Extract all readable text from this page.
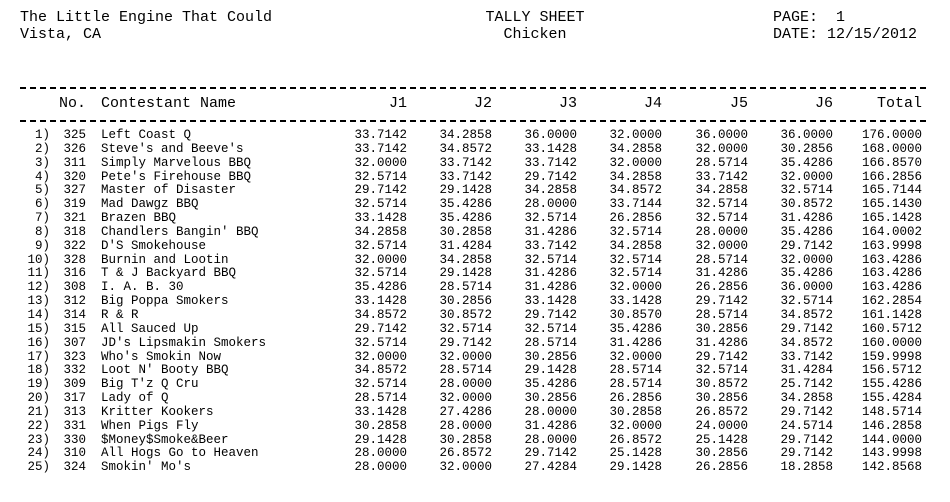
The Little Engine That Could
Vista, CA
TALLY SHEET
Chicken
PAGE: 1
DATE: 12/15/2012
No. Contestant Name	J1	J2	J3	J4	J5	J6	Total
1)	325 Left Coast Q	33.7142	34.2858	36.0000	32.0000	36.0000	36.0000	176.0000
2)	326 Steve's and Beeve's	33.7142	34.8572	33.1428	34.2858	32.0000	30.2856	168.0000
3)	311 Simply Marvelous BBQ	32.0000	33.7142	33.7142	32.0000	28.5714	35.4286	166.8570
4)	320 Pete's Firehouse BBQ	32.5714	33.7142	29.7142	34.2858	33.7142	32.0000	166.2856
5)	327 Master of Disaster	29.7142	29.1428	34.2858	34.8572	34.2858	32.5714	165.7144
6)	319 Mad Dawgz BBQ	32.5714	35.4286	28.0000	33.7144	32.5714	30.8572	165.1430
7)	321 Brazen BBQ	33.1428	35.4286	32.5714	26.2856	32.5714	31.4286	165.1428
8)	318 Chandlers Bangin' BBQ	34.2858	30.2858	31.4286	32.5714	28.0000	35.4286	164.0002
9)	322 D'S Smokehouse	32.5714	31.4284	33.7142	34.2858	32.0000	29.7142	163.9998
10)	328 Burnin and Lootin	32.0000	34.2858	32.5714	32.5714	28.5714	32.0000	163.4286
11)	316 T & J Backyard BBQ	32.5714	29.1428	31.4286	32.5714	31.4286	35.4286	163.4286
12)	308 I. A. B. 30	35.4286	28.5714	31.4286	32.0000	26.2856	36.0000	163.4286
13)	312 Big Poppa Smokers	33.1428	30.2856	33.1428	33.1428	29.7142	32.5714	162.2854
14)	314 R & R	34.8572	30.8572	29.7142	30.8570	28.5714	34.8572	161.1428
15)	315 All Sauced Up	29.7142	32.5714	32.5714	35.4286	30.2856	29.7142	160.5712
16)	307 JD's Lipsmakin Smokers	32.5714	29.7142	28.5714	31.4286	31.4286	34.8572	160.0000
17)	323 Who's Smokin Now	32.0000	32.0000	30.2856	32.0000	29.7142	33.7142	159.9998
18)	332 Loot N' Booty BBQ	34.8572	28.5714	29.1428	28.5714	32.5714	31.4284	156.5712
19)	309 Big T'z Q Cru	32.5714	28.0000	35.4286	28.5714	30.8572	25.7142	155.4286
20)	317 Lady of Q	28.5714	32.0000	30.2856	26.2856	30.2856	34.2858	155.4284
21)	313 Kritter Kookers	33.1428	27.4286	28.0000	30.2858	26.8572	29.7142	148.5714
22)	331 When Pigs Fly	30.2858	28.0000	31.4286	32.0000	24.0000	24.5714	146.2858
23)	330 $Money$Smoke&Beer	29.1428	30.2858	28.0000	26.8572	25.1428	29.7142	144.0000
24)	310 All Hogs Go to Heaven	28.0000	26.8572	29.7142	25.1428	30.2856	29.7142	143.9998
25)	324 Smokin' Mo's	28.0000	32.0000	27.4284	29.1428	26.2856	18.2858	142.8568
